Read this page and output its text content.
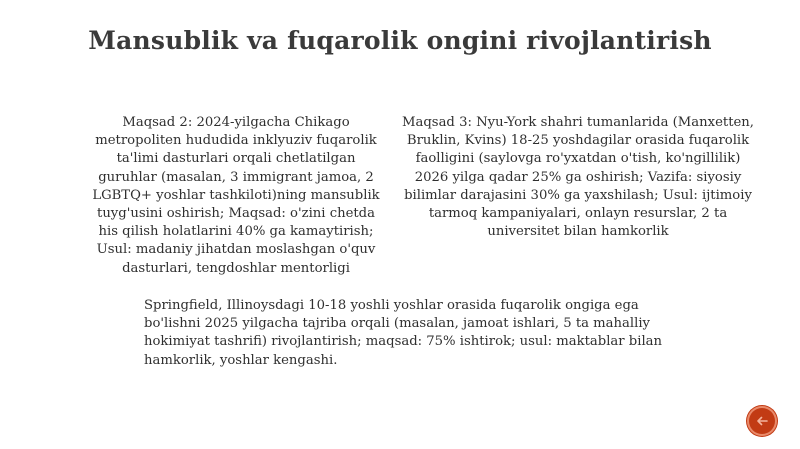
Mansublik va fuqarolik ongini rivojlantirish
Maqsad 2: 2024-yilgacha Chikago metropoliten hududida inklyuziv fuqarolik ta'limi dasturlari orqali chetlatilgan guruhlar (masalan, 3 immigrant jamoa, 2 LGBTQ+ yoshlar tashkiloti)ning mansublik tuyg'usini oshirish; Maqsad: o'zini chetda his qilish holatlarini 40% ga kamaytirish; Usul: madaniy jihatdan moslashgan o'quv dasturlari, tengdoshlar mentorligi
Maqsad 3: Nyu-York shahri tumanlarida (Manxetten, Bruklin, Kvins) 18-25 yoshdagilar orasida fuqarolik faolligini (saylovga ro'yxatdan o'tish, ko'ngillilik) 2026 yilga qadar 25% ga oshirish; Vazifa: siyosiy bilimlar darajasini 30% ga yaxshilash; Usul: ijtimoiy tarmoq kampaniyalari, onlayn resurslar, 2 ta universitet bilan hamkorlik
Springfield, Illinoysdagi 10-18 yoshli yoshlar orasida fuqarolik ongiga ega bo'lishni 2025 yilgacha tajriba orqali (masalan, jamoat ishlari, 5 ta mahalliy hokimiyat tashrifi) rivojlantirish; maqsad: 75% ishtirok; usul: maktablar bilan hamkorlik, yoshlar kengashi.
